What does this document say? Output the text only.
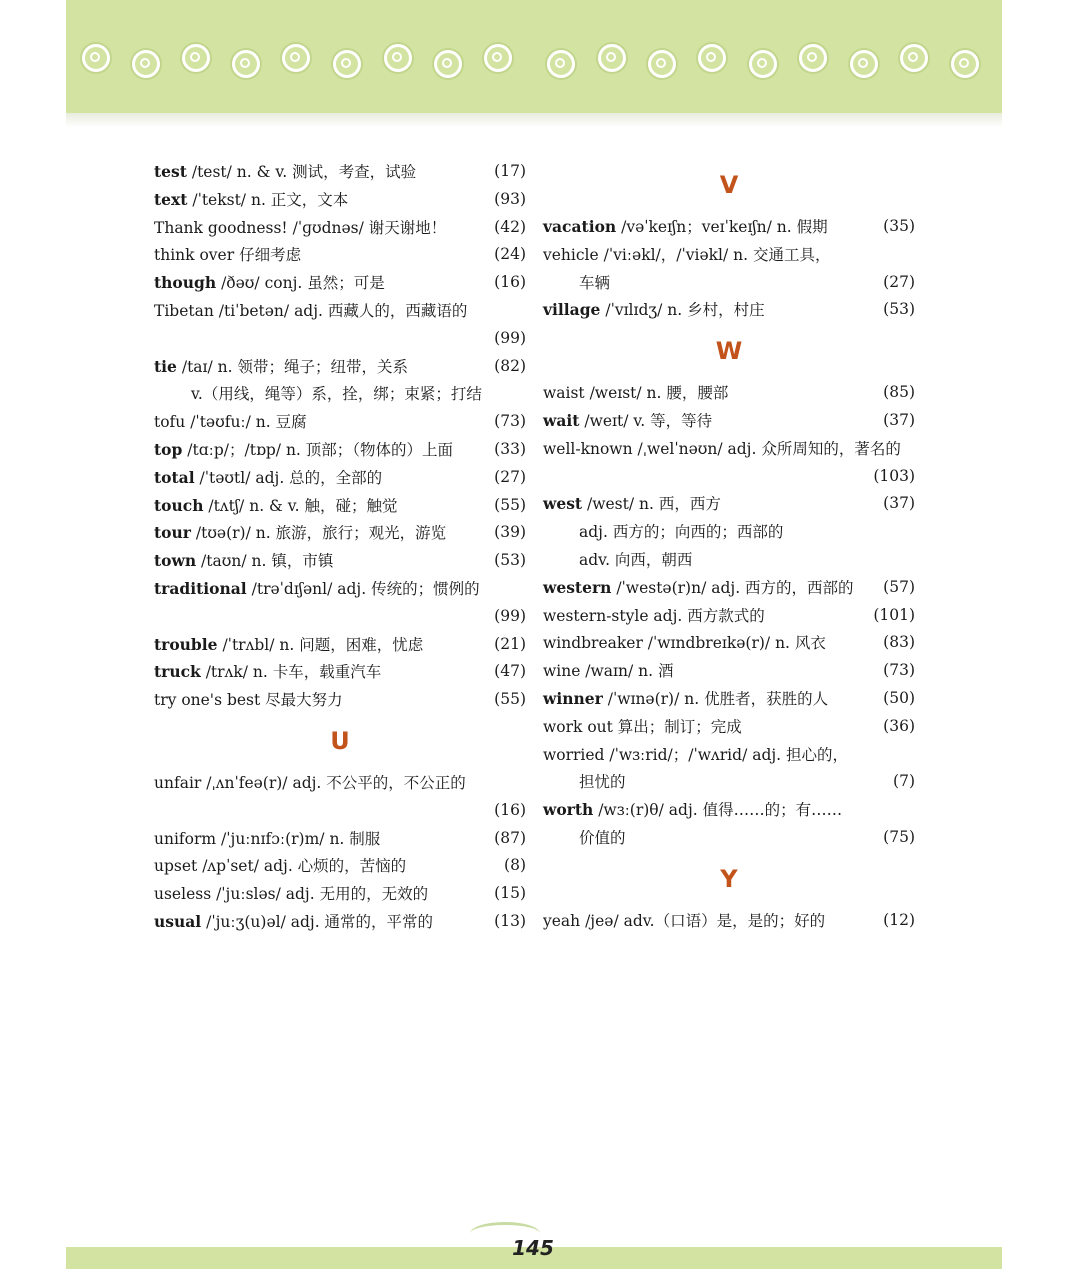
test /test/ n. & v. 测试，考查，试验	(17)
text /ˈtekst/ n. 正文，文本	(93)
Thank goodness! /ˈɡʊdnəs/ 谢天谢地！	(42)
think over 仔细考虑	(24)
though /ðəʊ/ conj. 虽然；可是	(16)
Tibetan /tiˈbetən/ adj. 西藏人的，西藏语的
(99)
tie /taɪ/ n. 领带；绳子；纽带，关系	(82)
v.（用线，绳等）系，拴，绑；束紧；打结
tofu /ˈtəʊfuː/ n. 豆腐	(73)
top /tɑːp/；/tɒp/ n. 顶部；（物体的）上面	(33)
total /ˈtəʊtl/ adj. 总的，全部的	(27)
touch /tʌtʃ/ n. & v. 触，碰；触觉	(55)
tour /tʊə(r)/ n. 旅游，旅行；观光，游览	(39)
town /taʊn/ n. 镇，市镇	(53)
traditional /trəˈdɪʃənl/ adj. 传统的；惯例的
(99)
trouble /ˈtrʌbl/ n. 问题，困难，忧虑	(21)
truck /trʌk/ n. 卡车，载重汽车	(47)
try one's best 尽最大努力	(55)
U
unfair /ˌʌnˈfeə(r)/ adj. 不公平的，不公正的
(16)
uniform /ˈjuːnɪfɔː(r)m/ n. 制服	(87)
upset /ʌpˈset/ adj. 心烦的，苦恼的	(8)
useless /ˈjuːsləs/ adj. 无用的，无效的	(15)
usual /ˈjuːʒ(u)əl/ adj. 通常的，平常的	(13)
V
vacation /vəˈkeɪʃn；veɪˈkeɪʃn/ n. 假期	(35)
vehicle /ˈviːəkl/，/ˈviəkl/ n. 交通工具，
车辆	(27)
village /ˈvɪlɪdʒ/ n. 乡村，村庄	(53)
W
waist /weɪst/ n. 腰，腰部	(85)
wait /weɪt/ v. 等，等待	(37)
well-known /ˌwelˈnəʊn/ adj. 众所周知的，著名的
(103)
west /west/ n. 西，西方	(37)
adj. 西方的；向西的；西部的
adv. 向西，朝西
western /ˈwestə(r)n/ adj. 西方的，西部的 (57)
western-style adj. 西方款式的	(101)
windbreaker /ˈwɪndbreɪkə(r)/ n. 风衣	(83)
wine /waɪn/ n. 酒	(73)
winner /ˈwɪnə(r)/ n. 优胜者，获胜的人	(50)
work out 算出；制订；完成	(36)
worried /ˈwɜːrid/；/ˈwʌrid/ adj. 担心的，
担忧的	(7)
worth /wɜː(r)θ/ adj. 值得……的；有……
价值的	(75)
Y
yeah /jeə/ adv.（口语）是，是的；好的	(12)
145
